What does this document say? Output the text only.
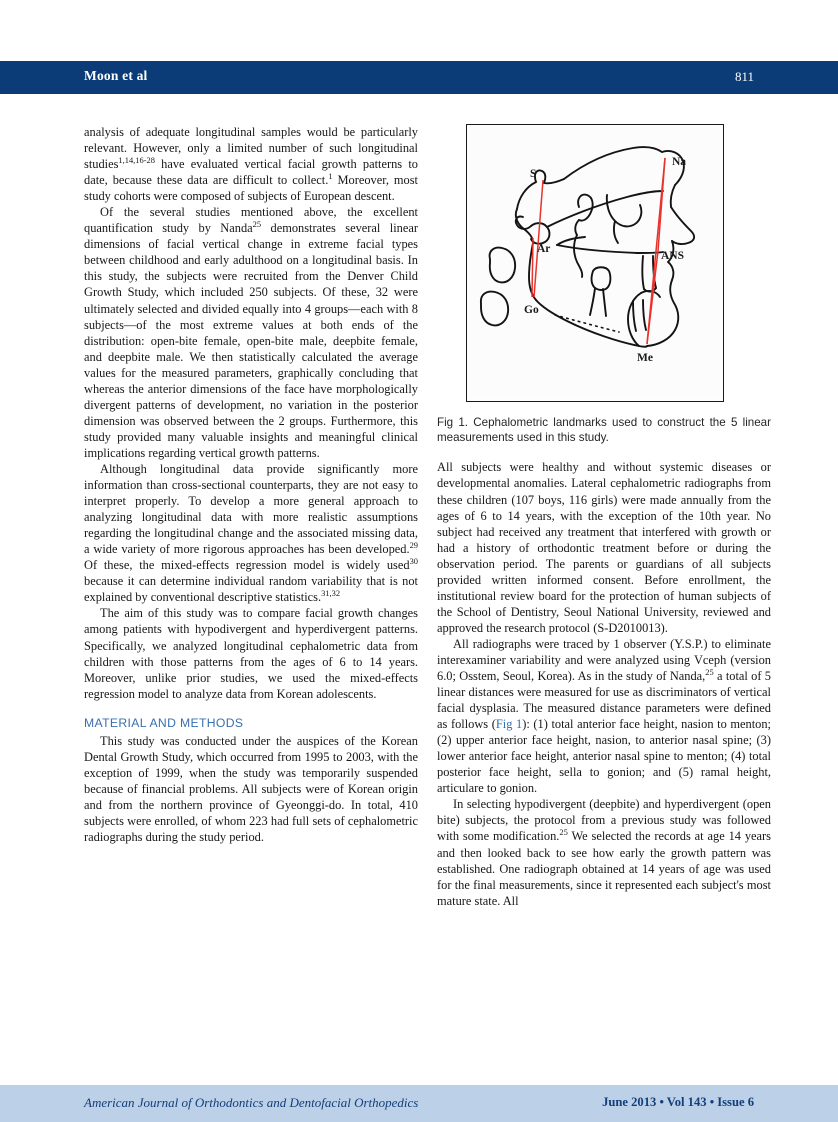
Moon et al	811

analysis of adequate longitudinal samples would be particularly relevant. However, only a limited number of such longitudinal studies$^{1,14,16-28}$ have evaluated vertical facial growth patterns to date, because these data are difficult to collect.$^1$ Moreover, most study cohorts were composed of subjects of European descent.

Of the several studies mentioned above, the excellent quantification study by Nanda$^{25}$ demonstrates several linear dimensions of facial vertical change in extreme facial types between childhood and early adulthood on a longitudinal basis. In this study, the subjects were recruited from the Denver Child Growth Study, which included 250 subjects. Of these, 32 were ultimately selected and divided equally into 4 groups—each with 8 subjects—of the most extreme values at both ends of the distribution: open-bite female, open-bite male, deepbite female, and deepbite male. We then statistically calculated the average values for the measured parameters, graphically concluding that whereas the anterior dimensions of the face have morphologically divergent patterns of development, no variation in the posterior dimension was observed between the 2 groups. Furthermore, this study provided many valuable insights and meaningful clinical implications regarding vertical growth patterns.

Although longitudinal data provide significantly more information than cross-sectional counterparts, they are not easy to interpret properly. To develop a more general approach to analyzing longitudinal data with more realistic assumptions regarding the longitudinal change and the associated missing data, a wide variety of more rigorous approaches has been developed.$^{29}$ Of these, the mixed-effects regression model is widely used$^{30}$ because it can determine individual random variability that is not explained by conventional descriptive statistics.$^{31,32}$

The aim of this study was to compare facial growth changes among patients with hypodivergent and hyperdivergent patterns. Specifically, we analyzed longitudinal cephalometric data from children with those patterns from the ages of 6 to 14 years. Moreover, unlike prior studies, we used the mixed-effects regression model to analyze data from Korean adolescents.

MATERIAL AND METHODS

This study was conducted under the auspices of the Korean Dental Growth Study, which occurred from 1995 to 2003, with the exception of 1999, when the study was temporarily suspended because of financial problems. All subjects were of Korean origin and from the northern province of Gyeonggi-do. In total, 410 subjects were enrolled, of whom 223 had full sets of cephalometric radiographs during the study period.

S
Na
Ar
ANS
Go
Me
Fig 1. Cephalometric landmarks used to construct the 5 linear measurements used in this study.

All subjects were healthy and without systemic diseases or developmental anomalies. Lateral cephalometric radiographs from these children (107 boys, 116 girls) were made annually from the ages of 6 to 14 years, with the exception of the 10th year. No subject had received any treatment that interfered with growth or had a history of orthodontic treatment before or during the observation period. The parents or guardians of all subjects provided written informed consent. Before enrollment, the institutional review board for the protection of human subjects of the School of Dentistry, Seoul National University, reviewed and approved the research protocol (S-D2010013).

All radiographs were traced by 1 observer (Y.S.P.) to eliminate interexaminer variability and were analyzed using Vceph (version 6.0; Osstem, Seoul, Korea). As in the study of Nanda,$^{25}$ a total of 5 linear distances were measured for use as discriminators of vertical facial dysplasia. The measured distance parameters were defined as follows (Fig 1): (1) total anterior face height, nasion to menton; (2) upper anterior face height, nasion, to anterior nasal spine; (3) lower anterior face height, anterior nasal spine to menton; (4) total posterior face height, sella to gonion; and (5) ramal height, articulare to gonion.

In selecting hypodivergent (deepbite) and hyperdivergent (open bite) subjects, the protocol from a previous study was followed with some modification.$^{25}$ We selected the records at age 14 years and then looked back to see how early the growth pattern was established. One radiograph obtained at 14 years of age was used for the final measurements, since it represented each subject's most mature state. All

American Journal of Orthodontics and Dentofacial Orthopedics	June 2013 • Vol 143 • Issue 6
